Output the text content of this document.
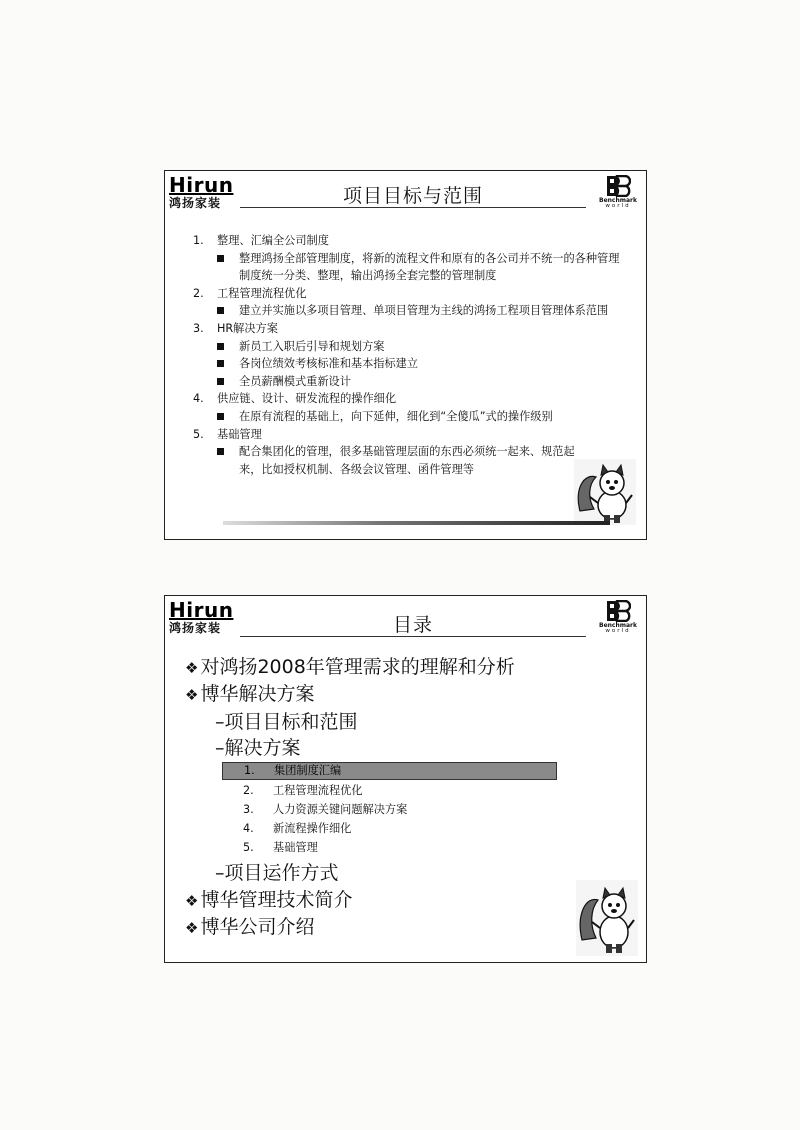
Hirun
鸿扬家装	项目目标与范围	Benchmark
world
1. 整理、汇编全公司制度
整理鸿扬全部管理制度，将新的流程文件和原有的各公司并不统一的各种管理制度统一分类、整理，输出鸿扬全套完整的管理制度
2. 工程管理流程优化
建立并实施以多项目管理、单项目管理为主线的鸿扬工程项目管理体系范围
3. HR解决方案
新员工入职后引导和规划方案
各岗位绩效考核标准和基本指标建立
全员薪酬模式重新设计
4. 供应链、设计、研发流程的操作细化
在原有流程的基础上，向下延伸，细化到“全傻瓜”式的操作级别
5. 基础管理
配合集团化的管理，很多基础管理层面的东西必须统一起来、规范起来，比如授权机制、各级会议管理、函件管理等
Hirun
鸿扬家装	目录	Benchmark
world
❖ 对鸿扬2008年管理需求的理解和分析
❖ 博华解决方案
–项目目标和范围
–解决方案
1. 集团制度汇编
2. 工程管理流程优化
3. 人力资源关键问题解决方案
4. 新流程操作细化
5. 基础管理
–项目运作方式
❖ 博华管理技术简介
❖ 博华公司介绍
